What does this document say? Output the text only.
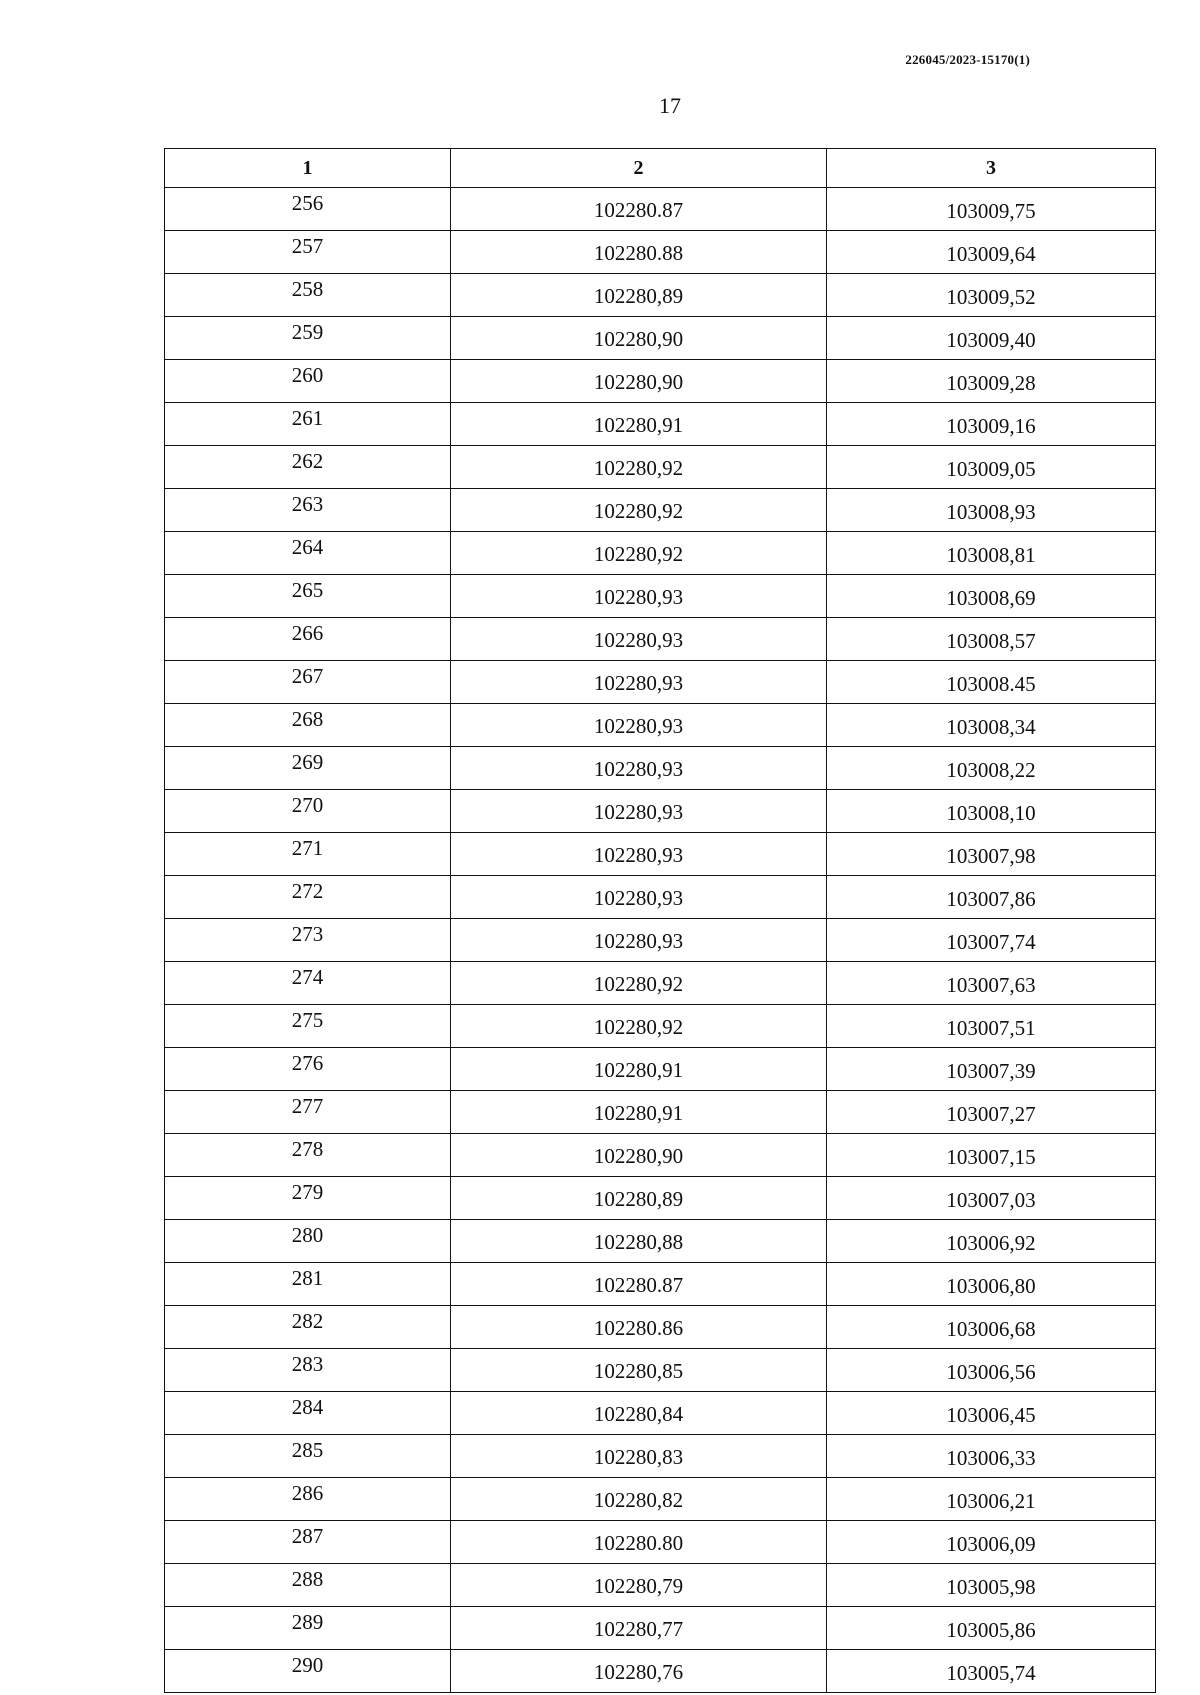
226045/2023-15170(1)
17
1	2	3
256	102280.87	103009,75
257	102280.88	103009,64
258	102280,89	103009,52
259	102280,90	103009,40
260	102280,90	103009,28
261	102280,91	103009,16
262	102280,92	103009,05
263	102280,92	103008,93
264	102280,92	103008,81
265	102280,93	103008,69
266	102280,93	103008,57
267	102280,93	103008.45
268	102280,93	103008,34
269	102280,93	103008,22
270	102280,93	103008,10
271	102280,93	103007,98
272	102280,93	103007,86
273	102280,93	103007,74
274	102280,92	103007,63
275	102280,92	103007,51
276	102280,91	103007,39
277	102280,91	103007,27
278	102280,90	103007,15
279	102280,89	103007,03
280	102280,88	103006,92
281	102280.87	103006,80
282	102280.86	103006,68
283	102280,85	103006,56
284	102280,84	103006,45
285	102280,83	103006,33
286	102280,82	103006,21
287	102280.80	103006,09
288	102280,79	103005,98
289	102280,77	103005,86
290	102280,76	103005,74
